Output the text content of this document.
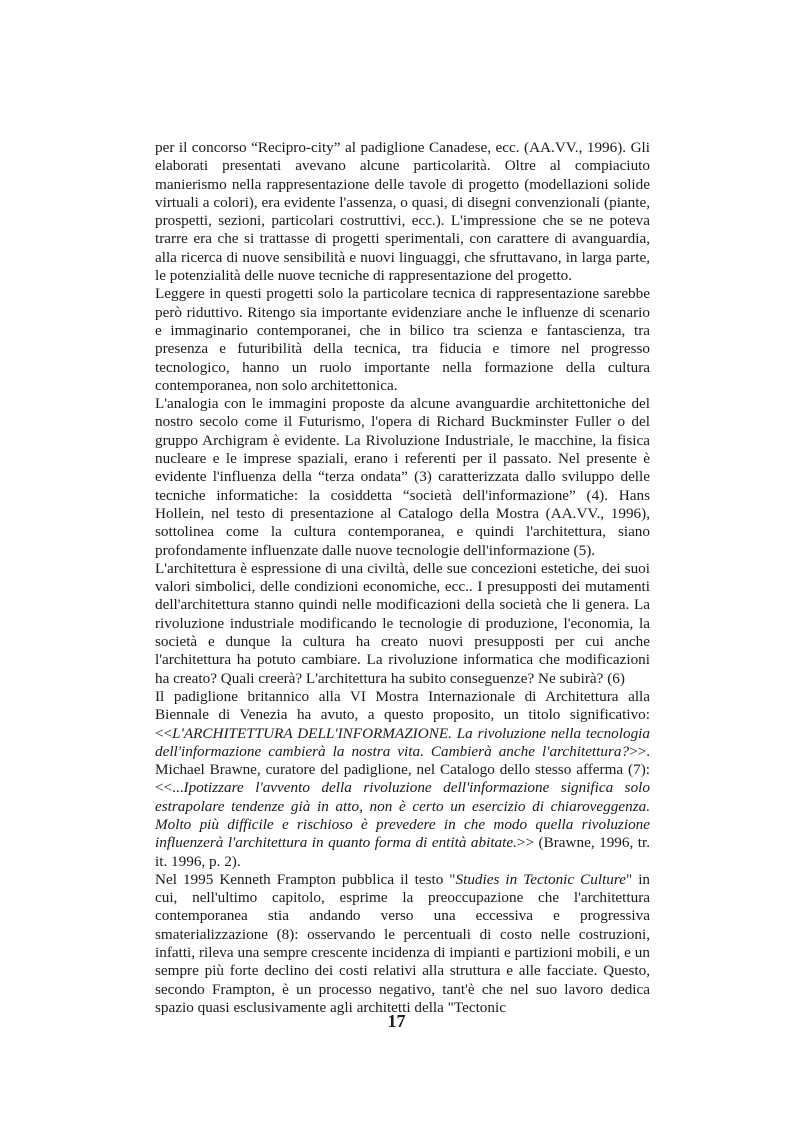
per il concorso “Recipro-city” al padiglione Canadese, ecc. (AA.VV., 1996). Gli elaborati presentati avevano alcune particolarità. Oltre al compiaciuto manierismo nella rappresentazione delle tavole di progetto (modellazioni solide virtuali a colori), era evidente l'assenza, o quasi, di disegni convenzionali (piante, prospetti, sezioni, particolari costruttivi, ecc.). L'impressione che se ne poteva trarre era che si trattasse di progetti sperimentali, con carattere di avanguardia, alla ricerca di nuove sensibilità e nuovi linguaggi, che sfruttavano, in larga parte, le potenzialità delle nuove tecniche di rappresentazione del progetto.

Leggere in questi progetti solo la particolare tecnica di rappresentazione sarebbe però riduttivo. Ritengo sia importante evidenziare anche le influenze di scenario e immaginario contemporanei, che in bilico tra scienza e fantascienza, tra presenza e futuribilità della tecnica, tra fiducia e timore nel progresso tecnologico, hanno un ruolo importante nella formazione della cultura contemporanea, non solo architettonica.

L'analogia con le immagini proposte da alcune avanguardie architettoniche del nostro secolo come il Futurismo, l'opera di Richard Buckminster Fuller o del gruppo Archigram è evidente. La Rivoluzione Industriale, le macchine, la fisica nucleare e le imprese spaziali, erano i referenti per il passato. Nel presente è evidente l'influenza della “terza ondata” (3) caratterizzata dallo sviluppo delle tecniche informatiche: la cosiddetta “società dell'informazione” (4). Hans Hollein, nel testo di presentazione al Catalogo della Mostra (AA.VV., 1996), sottolinea come la cultura contemporanea, e quindi l'architettura, siano profondamente influenzate dalle nuove tecnologie dell'informazione (5).

L'architettura è espressione di una civiltà, delle sue concezioni estetiche, dei suoi valori simbolici, delle condizioni economiche, ecc.. I presupposti dei mutamenti dell'architettura stanno quindi nelle modificazioni della società che li genera. La rivoluzione industriale modificando le tecnologie di produzione, l'economia, la società e dunque la cultura ha creato nuovi presupposti per cui anche l'architettura ha potuto cambiare. La rivoluzione informatica che modificazioni ha creato? Quali creerà? L'architettura ha subito conseguenze? Ne subirà? (6)

Il padiglione britannico alla VI Mostra Internazionale di Architettura alla Biennale di Venezia ha avuto, a questo proposito, un titolo significativo: <<L'ARCHITETTURA DELL'INFORMAZIONE. La rivoluzione nella tecnologia dell'informazione cambierà la nostra vita. Cambierà anche l'architettura?>>. Michael Brawne, curatore del padiglione, nel Catalogo dello stesso afferma (7): <<...Ipotizzare l'avvento della rivoluzione dell'informazione significa solo estrapolare tendenze già in atto, non è certo un esercizio di chiaroveggenza. Molto più difficile e rischioso è prevedere in che modo quella rivoluzione influenzerà l'architettura in quanto forma di entità abitate.>> (Brawne, 1996, tr. it. 1996, p. 2).

Nel 1995 Kenneth Frampton pubblica il testo "Studies in Tectonic Culture" in cui, nell'ultimo capitolo, esprime la preoccupazione che l'architettura contemporanea stia andando verso una eccessiva e progressiva smaterializzazione (8): osservando le percentuali di costo nelle costruzioni, infatti, rileva una sempre crescente incidenza di impianti e partizioni mobili, e un sempre più forte declino dei costi relativi alla struttura e alle facciate. Questo, secondo Frampton, è un processo negativo, tant'è che nel suo lavoro dedica spazio quasi esclusivamente agli architetti della "Tectonic

17
